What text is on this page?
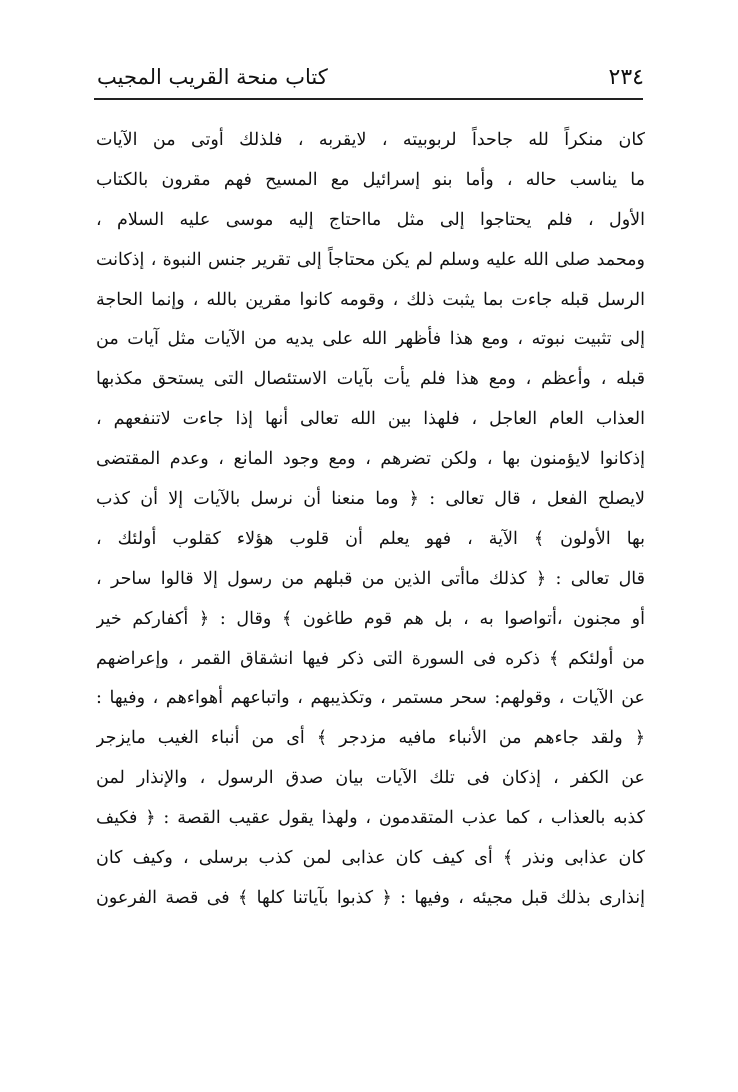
كتاب منحة القريب المجيب	٢٣٤
كان منكراً لله جاحداً لربوبيته ، لايقربه ، فلذلك أوتى من الآيات
ما يناسب حاله ، وأما بنو إسرائيل مع المسيح فهم مقرون بالكتاب
الأول ، فلم يحتاجوا إلى مثل مااحتاج إليه موسى عليه السلام ،
ومحمد صلى الله عليه وسلم لم يكن محتاجاً إلى تقرير جنس النبوة ، إذكانت
الرسل قبله جاءت بما يثبت ذلك ، وقومه كانوا مقرين بالله ، وإنما الحاجة
إلى تثبيت نبوته ، ومع هذا فأظهر الله على يديه من الآيات مثل آيات من
قبله ، وأعظم ، ومع هذا فلم يأت بآيات الاستئصال التى يستحق مكذبها
العذاب العام العاجل ، فلهذا بين الله تعالى أنها إذا جاءت لاتنفعهم ،
إذكانوا لايؤمنون بها ، ولكن تضرهم ، ومع وجود المانع ، وعدم المقتضى
لايصلح الفعل ، قال تعالى : ﴿ وما منعنا أن نرسل بالآيات إلا أن كذب
بها الأولون ﴾ الآية ، فهو يعلم أن قلوب هؤلاء كقلوب أولئك ،
قال تعالى : ﴿ كذلك ماأتى الذين من قبلهم من رسول إلا قالوا ساحر ،
أو مجنون ،أتواصوا به ، بل هم قوم طاغون ﴾ وقال : ﴿ أكفاركم خير
من أولئكم ﴾ ذكره فى السورة التى ذكر فيها انشقاق القمر ، وإعراضهم
عن الآيات ، وقولهم: سحر مستمر ، وتكذيبهم ، واتباعهم أهواءهم ، وفيها :
﴿ ولقد جاءهم من الأنباء مافيه مزدجر ﴾ أى من أنباء الغيب مايزجر
عن الكفر ، إذكان فى تلك الآيات بيان صدق الرسول ، والإنذار لمن
كذبه بالعذاب ، كما عذب المتقدمون ، ولهذا يقول عقيب القصة : ﴿ فكيف
كان عذابى ونذر ﴾ أى كيف كان عذابى لمن كذب برسلى ، وكيف كان
إنذارى بذلك قبل مجيئه ، وفيها : ﴿ كذبوا بآياتنا كلها ﴾ فى قصة الفرعون
